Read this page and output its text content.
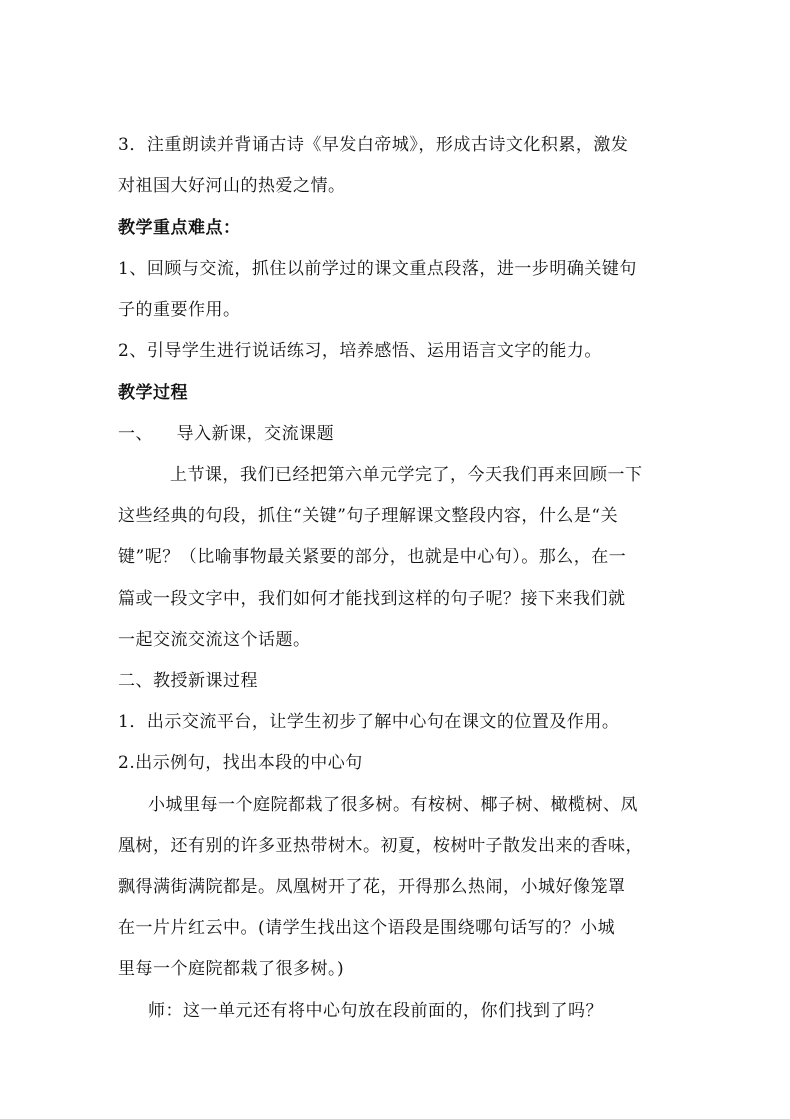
3．注重朗读并背诵古诗《早发白帝城》，形成古诗文化积累，激发
对祖国大好河山的热爱之情。
教学重点难点：
1、回顾与交流，抓住以前学过的课文重点段落，进一步明确关键句
子的重要作用。
2、引导学生进行说话练习，培养感悟、运用语言文字的能力。
教学过程
一、    导入新课，交流课题
上节课，我们已经把第六单元学完了，今天我们再来回顾一下
这些经典的句段，抓住“关键”句子理解课文整段内容，什么是“关
键”呢？（比喻事物最关紧要的部分，也就是中心句）。那么，在一
篇或一段文字中，我们如何才能找到这样的句子呢？接下来我们就
一起交流交流这个话题。
二、教授新课过程
1．出示交流平台，让学生初步了解中心句在课文的位置及作用。
2.出示例句，找出本段的中心句
小城里每一个庭院都栽了很多树。有桉树、椰子树、橄榄树、凤
凰树，还有别的许多亚热带树木。初夏，桉树叶子散发出来的香味，
飘得满街满院都是。凤凰树开了花，开得那么热闹，小城好像笼罩
在一片片红云中。(请学生找出这个语段是围绕哪句话写的？小城
里每一个庭院都栽了很多树。)
师：这一单元还有将中心句放在段前面的，你们找到了吗？
